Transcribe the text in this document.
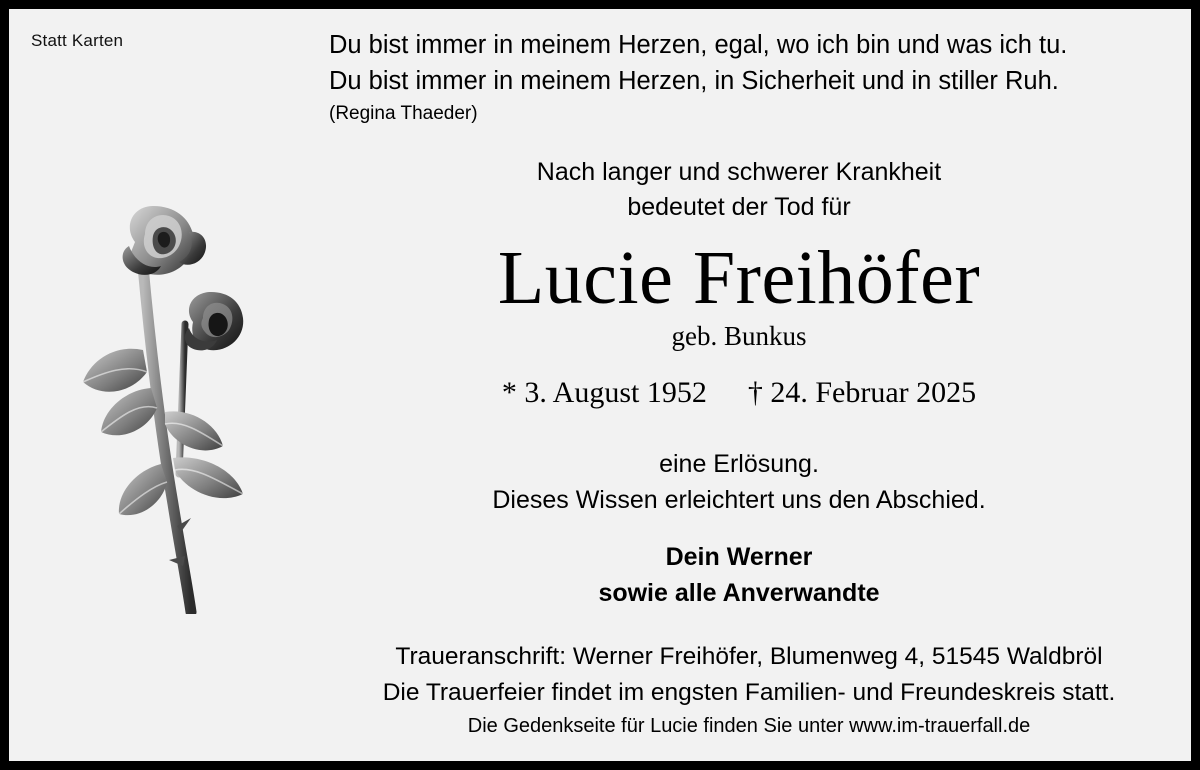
Statt Karten	Du bist immer in meinem Herzen, egal, wo ich bin und was ich tu.
Du bist immer in meinem Herzen, in Sicherheit und in stiller Ruh.
(Regina Thaeder)
Nach langer und schwerer Krankheit
bedeutet der Tod für
Lucie Freihöfer
geb. Bunkus
* 3. August 1952 † 24. Februar 2025
eine Erlösung.
Dieses Wissen erleichtert uns den Abschied.
Dein Werner
sowie alle Anverwandte
Traueranschrift: Werner Freihöfer, Blumenweg 4, 51545 Waldbröl
Die Trauerfeier findet im engsten Familien- und Freundeskreis statt.
Die Gedenkseite für Lucie finden Sie unter www.im-trauerfall.de
